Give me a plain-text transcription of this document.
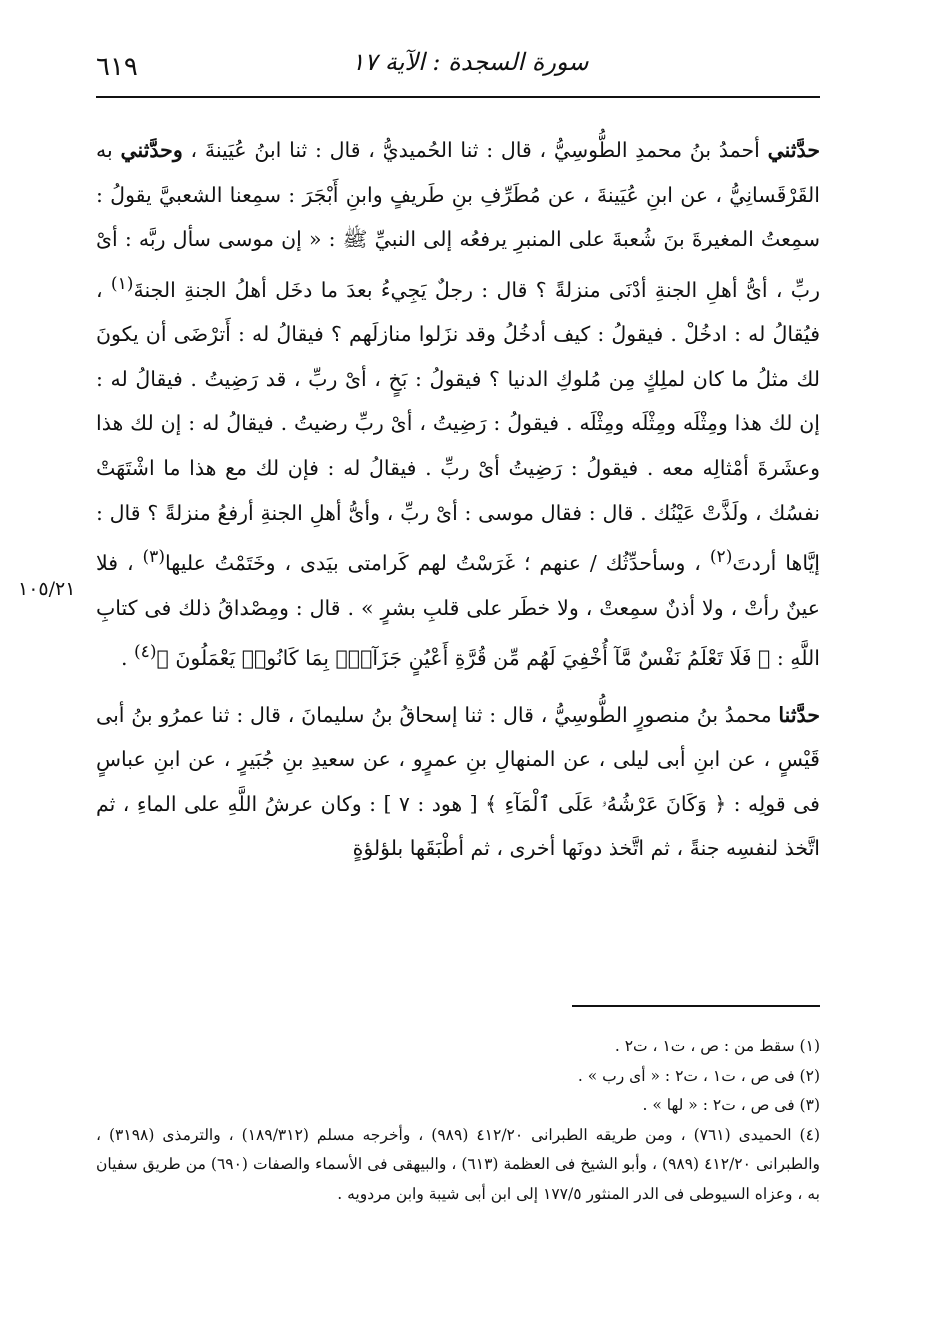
٦١٩	سورة السجدة : الآية ١٧
١٠٥/٢١

حدَّثني أحمدُ بنُ محمدِ الطُّوسِيُّ ، قال : ثنا الحُميديُّ ، قال : ثنا ابنُ عُيَينةَ ، وحدَّثني به القَرْقَسانِيُّ ، عن ابنِ عُيَينةَ ، عن مُطَرِّفِ بنِ طَريفٍ وابنِ أَبْجَرَ : سمِعنا الشعبيَّ يقولُ : سمِعتُ المغيرةَ بنَ شُعبةَ على المنبرِ يرفعُه إلى النبيِّ ﷺ : « إن موسى سأل ربَّه : أىْ ربِّ ، أىُّ أهلِ الجنةِ أدْنَى منزلةً ؟ قال : رجلٌ يَجِيءُ بعدَ ما دخَل أهلُ الجنةِ الجنةَ$^{(١)}$ ، فيُقالُ له : ادخُلْ . فيقولُ : كيف أدخُلُ وقد نزَلوا منازلَهم ؟ فيقالُ له : أَترْضَى أن يكونَ لك مثلُ ما كان لملِكٍ مِن مُلوكِ الدنيا ؟ فيقولُ : بَخٍ ، أىْ ربِّ ، قد رَضِيتُ . فيقالُ له : إن لك هذا ومِثْلَه ومِثْلَه ومِثْلَه . فيقولُ : رَضِيتُ ، أىْ ربِّ رضيتُ . فيقالُ له : إن لك هذا وعشَرةَ أمْثالِه معه . فيقولُ : رَضِيتُ أىْ ربِّ . فيقالُ له : فإن لك مع هذا ما اشْتَهَتْ نفسُك ، ولَذَّتْ عَيْنُك . قال : فقال موسى : أىْ ربِّ ، وأىُّ أهلِ الجنةِ أرفعُ منزلةً ؟ قال : إيَّاها أردتَ$^{(٢)}$ ، وسأحدِّثُك / عنهم ؛ غَرَسْتُ لهم كَرامتى بيَدى ، وخَتَمْتُ عليها$^{(٣)}$ ، فلا عينٌ رأتْ ، ولا أذنٌ سمِعتْ ، ولا خطَر على قلبِ بشرٍ » . قال : ومِصْداقُ ذلك فى كتابِ اللَّهِ : ﴿ فَلَا تَعْلَمُ نَفْسٌ مَّآ أُخْفِيَ لَهُم مِّن قُرَّةِ أَعْيُنٍ جَزَآءًۢ بِمَا كَانُوا۟ يَعْمَلُونَ ﴾$^{(٤)}$ .

حدَّثنا محمدُ بنُ منصورٍ الطُّوسِيُّ ، قال : ثنا إسحاقُ بنُ سليمانَ ، قال : ثنا عمرُو بنُ أبى قَيْسٍ ، عن ابنِ أبى ليلى ، عن المنهالِ بنِ عمرٍو ، عن سعيدِ بنِ جُبَيرٍ ، عن ابنِ عباسٍ فى قولِه : ﴿ وَكَانَ عَرْشُهُۥ عَلَى ٱلْمَآءِ ﴾ [ هود : ٧ ] : وكان عرشُ اللَّهِ على الماءِ ، ثم اتَّخذ لنفسِه جنةً ، ثم اتَّخذ دونَها أخرى ، ثم أطْبَقَها بلؤلؤةٍ

(١) سقط من : ص ، ت١ ، ت٢ .

(٢) فى ص ، ت١ ، ت٢ : « أى رب » .

(٣) فى ص ، ت٢ : « لها » .

(٤) الحميدى (٧٦١) ، ومن طريقه الطبرانى ٤١٢/٢٠ (٩٨٩) ، وأخرجه مسلم (١٨٩/٣١٢) ، والترمذى (٣١٩٨) ، والطبرانى ٤١٢/٢٠ (٩٨٩) ، وأبو الشيخ فى العظمة (٦١٣) ، والبيهقى فى الأسماء والصفات (٦٩٠) من طريق سفيان به ، وعزاه السيوطى فى الدر المنثور ١٧٧/٥ إلى ابن أبى شيبة وابن مردويه .
